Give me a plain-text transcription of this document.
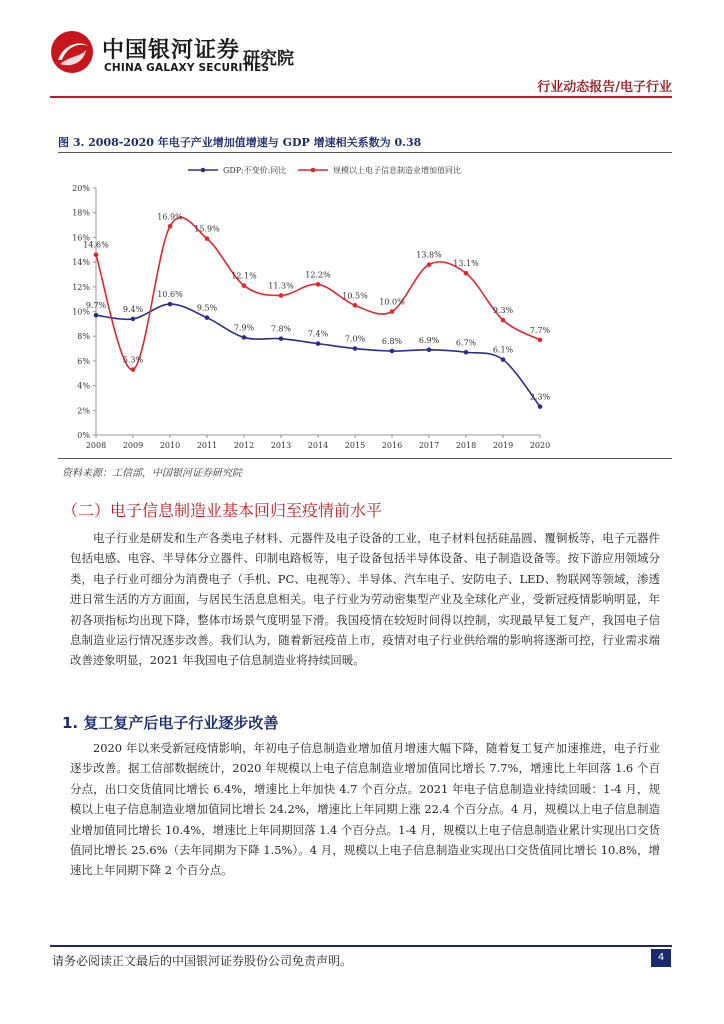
中国银河证券
CHINA GALAXY SECURITIES
研究院
行业动态报告/电子行业
图 3. 2008-2020 年电子产业增加值增速与 GDP 增速相关系数为 0.38
GDP:不变价:同比	规模以上电子信息制造业增加值同比
0%
2%
4%
6%
8%
10%
12%
14%
16%
18%
20%
2008 2009 2010 2011 2012 2013 2014 2015 2016 2017 2018 2019 2020
9.7% 9.4%
10.6%
9.5%
7.9% 7.8%
7.4%
7.0% 6.8% 6.9% 6.7%
6.1%
2.3%
14.6%
5.3%
16.9%
15.9%
12.1%
11.3%
12.2%
10.5%
10.0%
13.8%
13.1%
9.3%
7.7%
资料来源：工信部，中国银河证券研究院
（二）电子信息制造业基本回归至疫情前水平
电子行业是研发和生产各类电子材料、元器件及电子设备的工业，电子材料包括硅晶圆、覆铜板等，电子元器件包括电感、电容、半导体分立器件、印制电路板等，电子设备包括半导体设备、电子制造设备等。按下游应用领域分类，电子行业可细分为消费电子（手机、PC、电视等）、半导体、汽车电子、安防电子、LED、物联网等领域，渗透进日常生活的方方面面，与居民生活息息相关。电子行业为劳动密集型产业及全球化产业，受新冠疫情影响明显，年初各项指标均出现下降，整体市场景气度明显下滑。我国疫情在较短时间得以控制，实现最早复工复产，我国电子信息制造业运行情况逐步改善。我们认为，随着新冠疫苗上市，疫情对电子行业供给端的影响将逐渐可控，行业需求端改善迹象明显，2021 年我国电子信息制造业将持续回暖。
1. 复工复产后电子行业逐步改善
2020 年以来受新冠疫情影响，年初电子信息制造业增加值月增速大幅下降，随着复工复产加速推进，电子行业逐步改善。据工信部数据统计，2020 年规模以上电子信息制造业增加值同比增长 7.7%，增速比上年回落 1.6 个百分点，出口交货值同比增长 6.4%，增速比上年加快 4.7 个百分点。2021 年电子信息制造业持续回暖：1-4 月，规模以上电子信息制造业增加值同比增长 24.2%，增速比上年同期上涨 22.4 个百分点。4 月，规模以上电子信息制造业增加值同比增长 10.4%，增速比上年同期回落 1.4 个百分点。1-4 月，规模以上电子信息制造业累计实现出口交货值同比增长 25.6%（去年同期为下降 1.5%）。4 月，规模以上电子信息制造业实现出口交货值同比增长 10.8%，增速比上年同期下降 2 个百分点。
请务必阅读正文最后的中国银河证券股份公司免责声明。	4
